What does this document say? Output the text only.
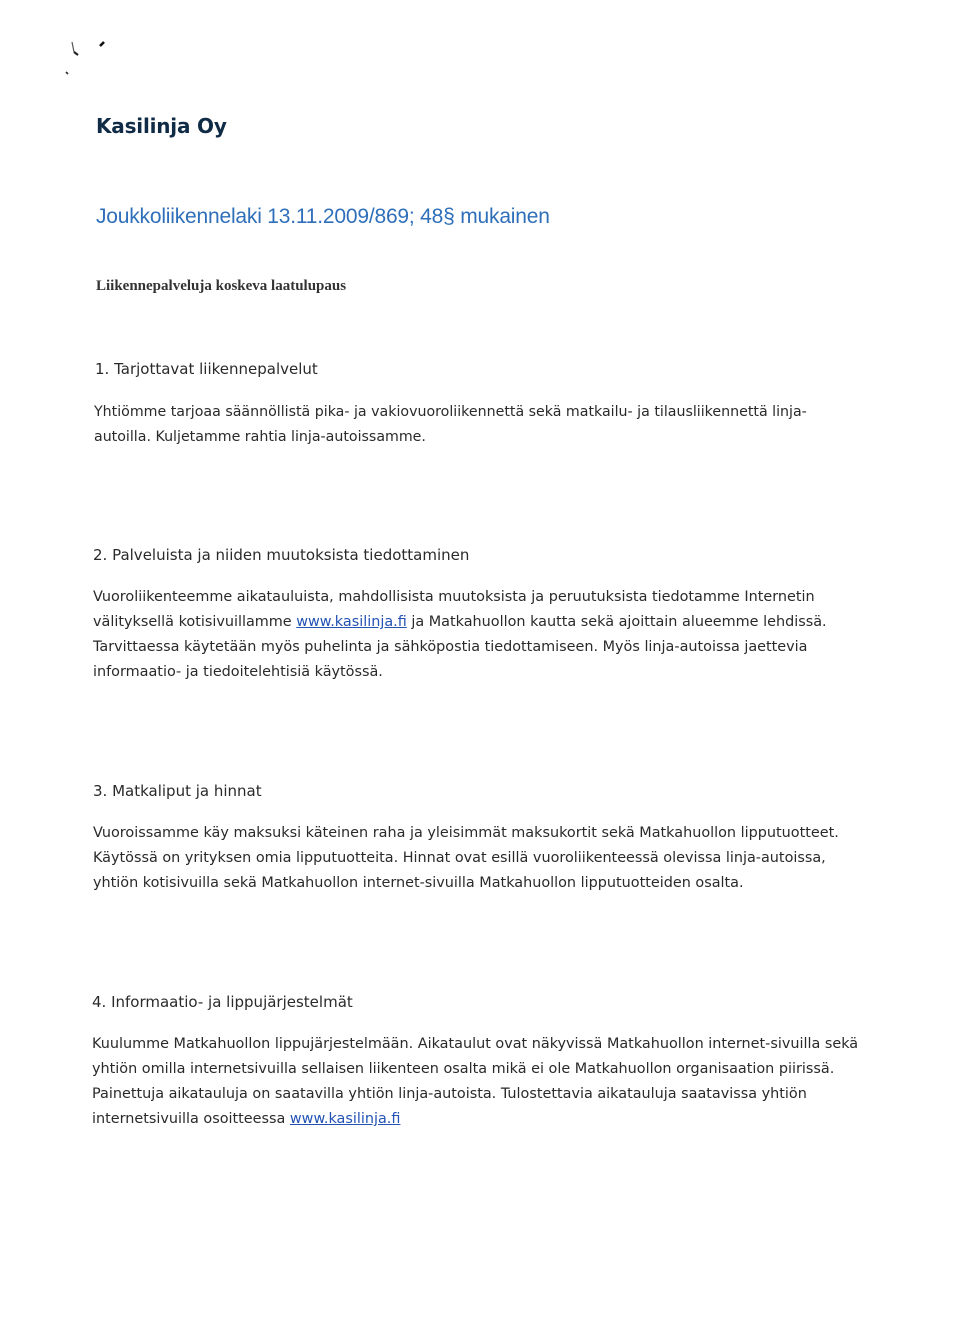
Kasilinja Oy
Joukkoliikennelaki 13.11.2009/869; 48§ mukainen
Liikennepalveluja koskeva laatulupaus
1. Tarjottavat liikennepalvelut
Yhtiömme tarjoaa säännöllistä pika- ja vakiovuoroliikennettä sekä matkailu- ja tilausliikennettä linja-
autoilla. Kuljetamme rahtia linja-autoissamme.
2. Palveluista ja niiden muutoksista tiedottaminen
Vuoroliikenteemme aikatauluista, mahdollisista muutoksista ja peruutuksista tiedotamme Internetin
välityksellä kotisivuillamme www.kasilinja.fi ja Matkahuollon kautta sekä ajoittain alueemme lehdissä.
Tarvittaessa käytetään myös puhelinta ja sähköpostia tiedottamiseen. Myös linja-autoissa jaettevia
informaatio- ja tiedoitelehtisiä käytössä.
3. Matkaliput ja hinnat
Vuoroissamme käy maksuksi käteinen raha ja yleisimmät maksukortit sekä Matkahuollon lipputuotteet.
Käytössä on yrityksen omia lipputuotteita. Hinnat ovat esillä vuoroliikenteessä olevissa linja-autoissa,
yhtiön kotisivuilla sekä Matkahuollon internet-sivuilla Matkahuollon lipputuotteiden osalta.
4. Informaatio- ja lippujärjestelmät
Kuulumme Matkahuollon lippujärjestelmään. Aikataulut ovat näkyvissä Matkahuollon internet-sivuilla sekä
yhtiön omilla internetsivuilla sellaisen liikenteen osalta mikä ei ole Matkahuollon organisaation piirissä.
Painettuja aikatauluja on saatavilla yhtiön linja-autoista. Tulostettavia aikatauluja saatavissa yhtiön
internetsivuilla osoitteessa www.kasilinja.fi
